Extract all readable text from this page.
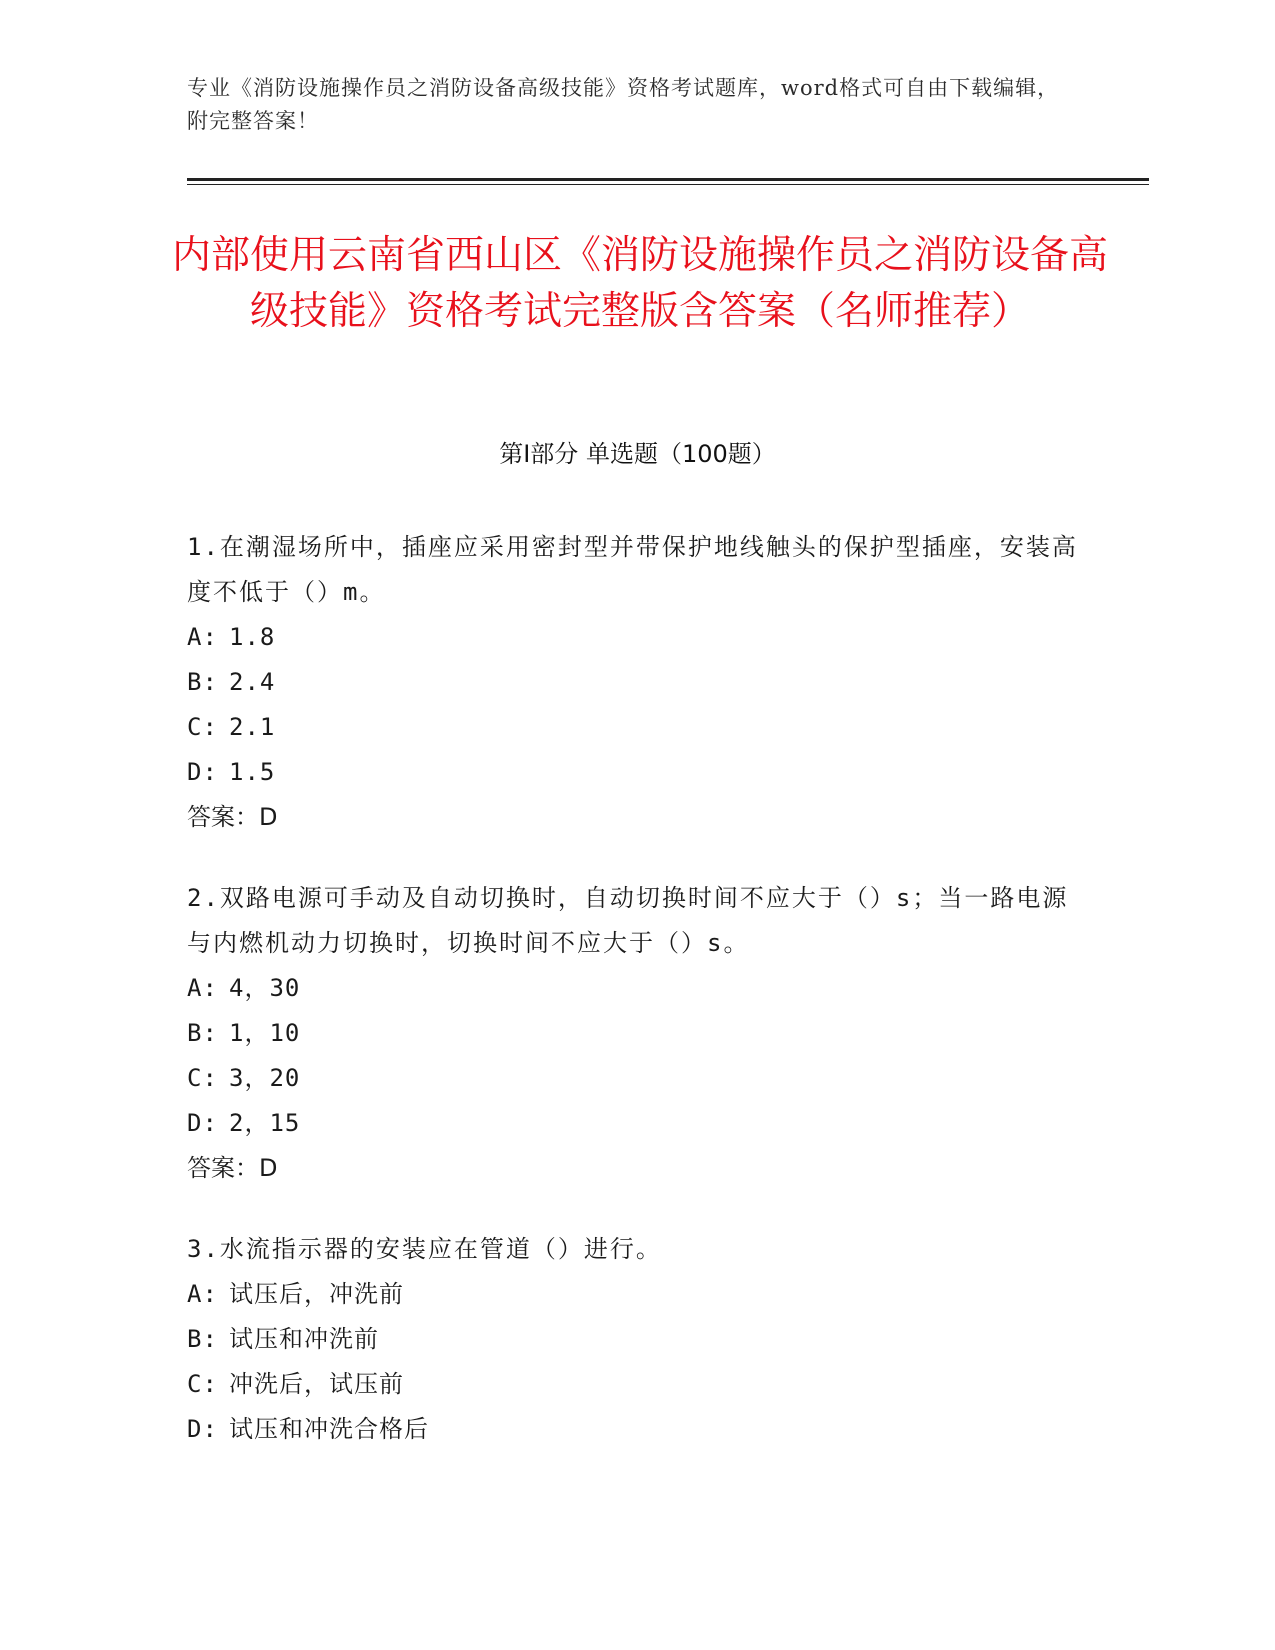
专业《消防设施操作员之消防设备高级技能》资格考试题库，word格式可自由下载编辑，附完整答案！
内部使用云南省西山区《消防设施操作员之消防设备高级技能》资格考试完整版含答案（名师推荐）
第Ⅰ部分 单选题（100题）
1.在潮湿场所中，插座应采用密封型并带保护地线触头的保护型插座，安装高度不低于（）m。
A: 1.8
B: 2.4
C: 2.1
D: 1.5
答案：D
2.双路电源可手动及自动切换时，自动切换时间不应大于（）s；当一路电源与内燃机动力切换时，切换时间不应大于（）s。
A: 4，30
B: 1，10
C: 3，20
D: 2，15
答案：D
3.水流指示器的安装应在管道（）进行。
A: 试压后，冲洗前
B: 试压和冲洗前
C: 冲洗后，试压前
D: 试压和冲洗合格后
